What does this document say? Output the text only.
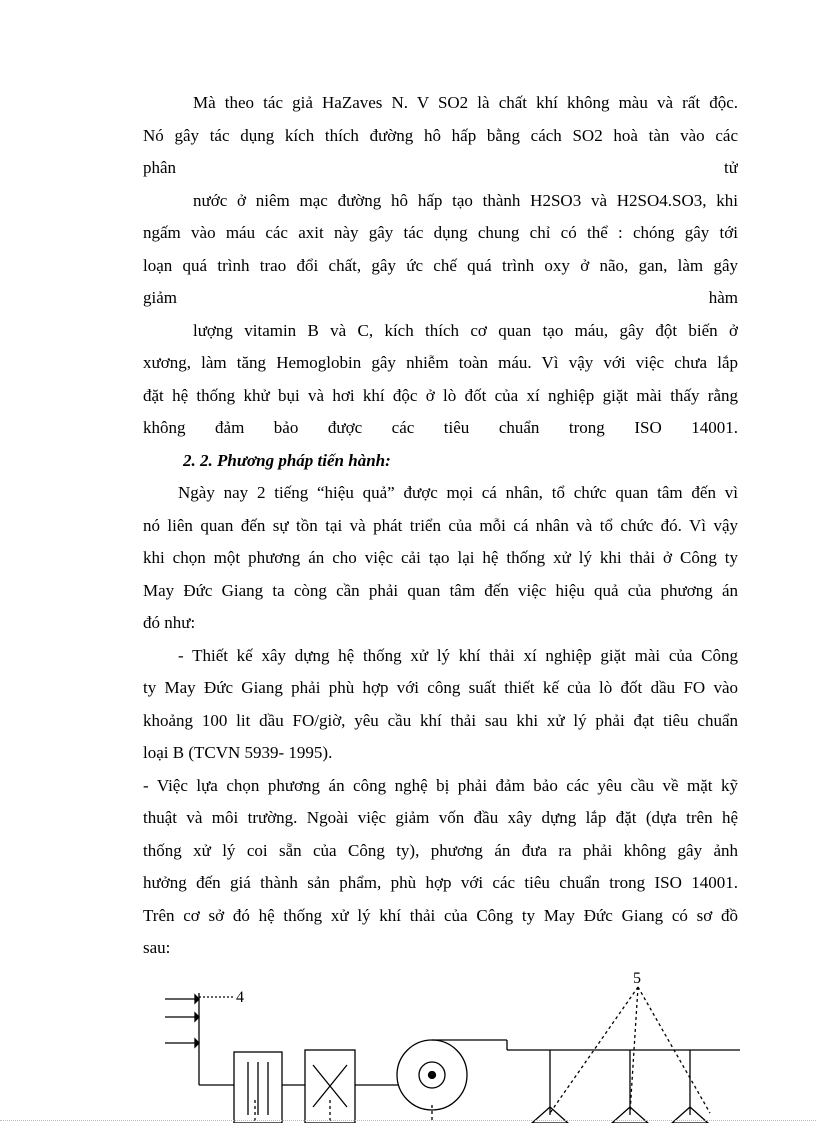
Mà theo tác giả HaZaves N. V SO2 là chất khí không màu và rất độc.
Nó gây tác dụng kích thích đường hô hấp bằng cách SO2 hoà tàn vào các
phân tử
nước ở niêm mạc đường hô hấp tạo thành H2SO3 và H2SO4.SO3, khi
ngấm vào máu các axit này gây tác dụng chung chỉ có thể : chóng gây tới
loạn quá trình trao đổi chất, gây ức chế quá trình oxy ở não, gan, làm gây
giảm hàm
lượng vitamin B và C, kích thích cơ quan tạo máu, gây đột biến ở
xương, làm tăng Hemoglobin gây nhiễm toàn máu. Vì vậy với việc chưa lắp
đặt hệ thống khử bụi và hơi khí độc ở lò đốt của xí nghiệp giặt mài thấy rằng
không đảm bảo được các tiêu chuẩn trong ISO 14001.
2. 2. Phương pháp tiến hành:
Ngày nay 2 tiếng “hiệu quả” được mọi cá nhân, tổ chức quan tâm đến vì
nó liên quan đến sự tồn tại và phát triển của mỗi cá nhân và tổ chức đó. Vì vậy
khi chọn một phương án cho việc cải tạo lại hệ thống xử lý khi thải ở Công ty
May Đức Giang ta còng cần phải quan tâm đến việc hiệu quả của phương án
đó như:
- Thiết kế xây dựng hệ thống xử lý khí thải xí nghiệp giặt mài của Công
ty May Đức Giang phải phù hợp với công suất thiết kế của lò đốt dầu FO vào
khoảng 100 lit dầu FO/giờ, yêu cầu khí thải sau khi xử lý phải đạt tiêu chuẩn
loại B (TCVN 5939- 1995).
- Việc lựa chọn phương án công nghệ bị phải đảm bảo các yêu cầu về mặt kỹ
thuật và môi trường. Ngoài việc giảm vốn đầu xây dựng lắp đặt (dựa trên hệ
thống xử lý coi sẵn của Công ty), phương án đưa ra phải không gây ảnh
hưởng đến giá thành sản phẩm, phù hợp với các tiêu chuẩn trong ISO 14001.
Trên cơ sở đó hệ thống xử lý khí thải của Công ty May Đức Giang có sơ đồ
sau:
4
5
